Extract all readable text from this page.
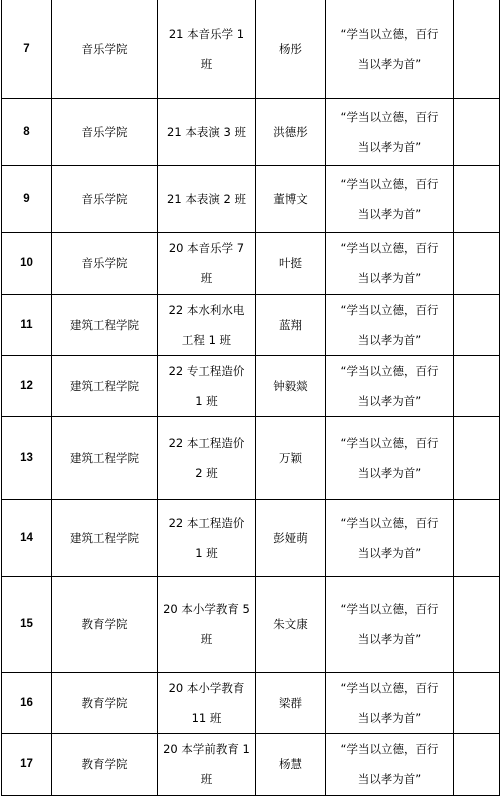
7	音乐学院	21 本音乐学 1
班	杨彤	“学当以立德，百行
当以孝为首”	

8	音乐学院	21 本表演 3 班	洪德彤	“学当以立德，百行
当以孝为首”	

9	音乐学院	21 本表演 2 班	董博文	“学当以立德，百行
当以孝为首”	

10	音乐学院	20 本音乐学 7
班	叶挺	“学当以立德，百行
当以孝为首”	

11	建筑工程学院	22 本水利水电
工程 1 班	蓝翔	“学当以立德，百行
当以孝为首”	

12	建筑工程学院	22 专工程造价
1 班	钟毅燚	“学当以立德，百行
当以孝为首”	

13	建筑工程学院	22 本工程造价
2 班	万颖	“学当以立德，百行
当以孝为首”	

14	建筑工程学院	22 本工程造价
1 班	彭娅萌	“学当以立德，百行
当以孝为首”	

15	教育学院	20 本小学教育 5
班	朱文康	“学当以立德，百行
当以孝为首”	

16	教育学院	20 本小学教育
11 班	梁群	“学当以立德，百行
当以孝为首”	

17	教育学院	20 本学前教育 1
班	杨慧	“学当以立德，百行
当以孝为首”	
